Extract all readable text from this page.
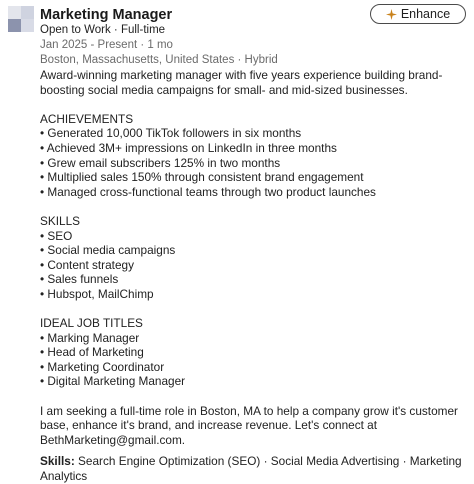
Marketing Manager
Open to Work · Full-time
Jan 2025 - Present · 1 mo
Boston, Massachusetts, United States · Hybrid
Enhance

Award-winning marketing manager with five years experience building brand-

boosting social media campaigns for small- and mid-sized businesses.

ACHIEVEMENTS

• Generated 10,000 TikTok followers in six months

• Achieved 3M+ impressions on LinkedIn in three months

• Grew email subscribers 125% in two months

• Multiplied sales 150% through consistent brand engagement

• Managed cross-functional teams through two product launches

SKILLS

• SEO

• Social media campaigns

• Content strategy

• Sales funnels

• Hubspot, MailChimp

IDEAL JOB TITLES

• Marking Manager

• Head of Marketing

• Marketing Coordinator

• Digital Marketing Manager

I am seeking a full-time role in Boston, MA to help a company grow it's customer

base, enhance it's brand, and increase revenue. Let's connect at

BethMarketing@gmail.com.

Skills: Search Engine Optimization (SEO) · Social Media Advertising · Marketing

Analytics
